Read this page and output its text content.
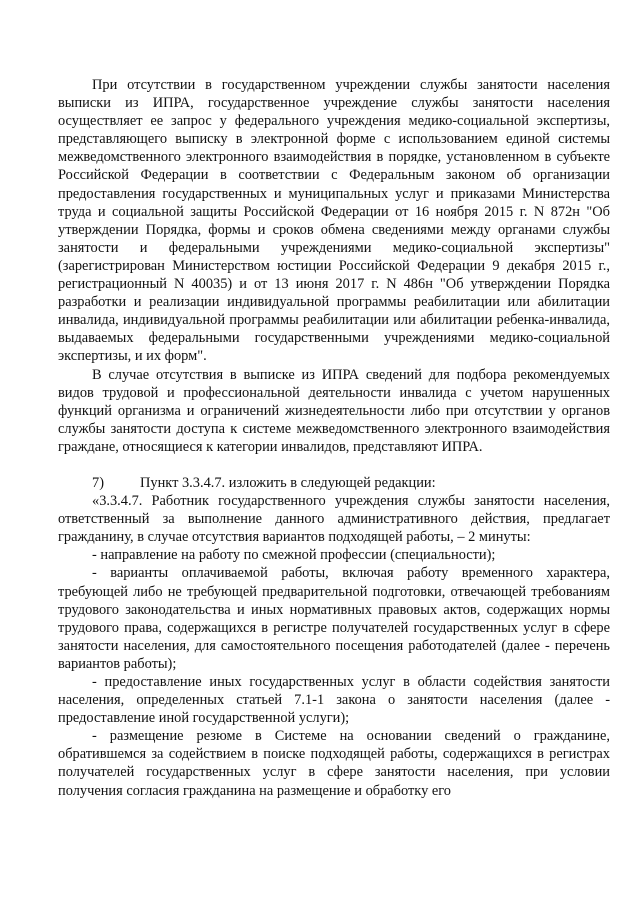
При отсутствии в государственном учреждении службы занятости населения выписки из ИПРА, государственное учреждение службы занятости населения осуществляет ее запрос у федерального учреждения медико-социальной экспертизы, представляющего выписку в электронной форме с использованием единой системы межведомственного электронного взаимодействия в порядке, установленном в субъекте Российской Федерации в соответствии с Федеральным законом об организации предоставления государственных и муниципальных услуг и приказами Министерства труда и социальной защиты Российской Федерации от 16 ноября 2015 г. N 872н "Об утверждении Порядка, формы и сроков обмена сведениями между органами службы занятости и федеральными учреждениями медико-социальной экспертизы" (зарегистрирован Министерством юстиции Российской Федерации 9 декабря 2015 г., регистрационный N 40035) и от 13 июня 2017 г. N 486н "Об утверждении Порядка разработки и реализации индивидуальной программы реабилитации или абилитации инвалида, индивидуальной программы реабилитации или абилитации ребенка-инвалида, выдаваемых федеральными государственными учреждениями медико-социальной экспертизы, и их форм".

В случае отсутствия в выписке из ИПРА сведений для подбора рекомендуемых видов трудовой и профессиональной деятельности инвалида с учетом нарушенных функций организма и ограничений жизнедеятельности либо при отсутствии у органов службы занятости доступа к системе межведомственного электронного взаимодействия граждане, относящиеся к категории инвалидов, представляют ИПРА.

7)	Пункт 3.3.4.7. изложить в следующей редакции:

«3.3.4.7. Работник государственного учреждения службы занятости населения, ответственный за выполнение данного административного действия, предлагает гражданину, в случае отсутствия вариантов подходящей работы, – 2 минуты:

- направление на работу по смежной профессии (специальности);

- варианты оплачиваемой работы, включая работу временного характера, требующей либо не требующей предварительной подготовки, отвечающей требованиям трудового законодательства и иных нормативных правовых актов, содержащих нормы трудового права, содержащихся в регистре получателей государственных услуг в сфере занятости населения, для самостоятельного посещения работодателей (далее - перечень вариантов работы);

- предоставление иных государственных услуг в области содействия занятости населения, определенных статьей 7.1-1 закона о занятости населения (далее - предоставление иной государственной услуги);

- размещение резюме в Системе на основании сведений о гражданине, обратившемся за содействием в поиске подходящей работы, содержащихся в регистрах получателей государственных услуг в сфере занятости населения, при условии получения согласия гражданина на размещение и обработку его
